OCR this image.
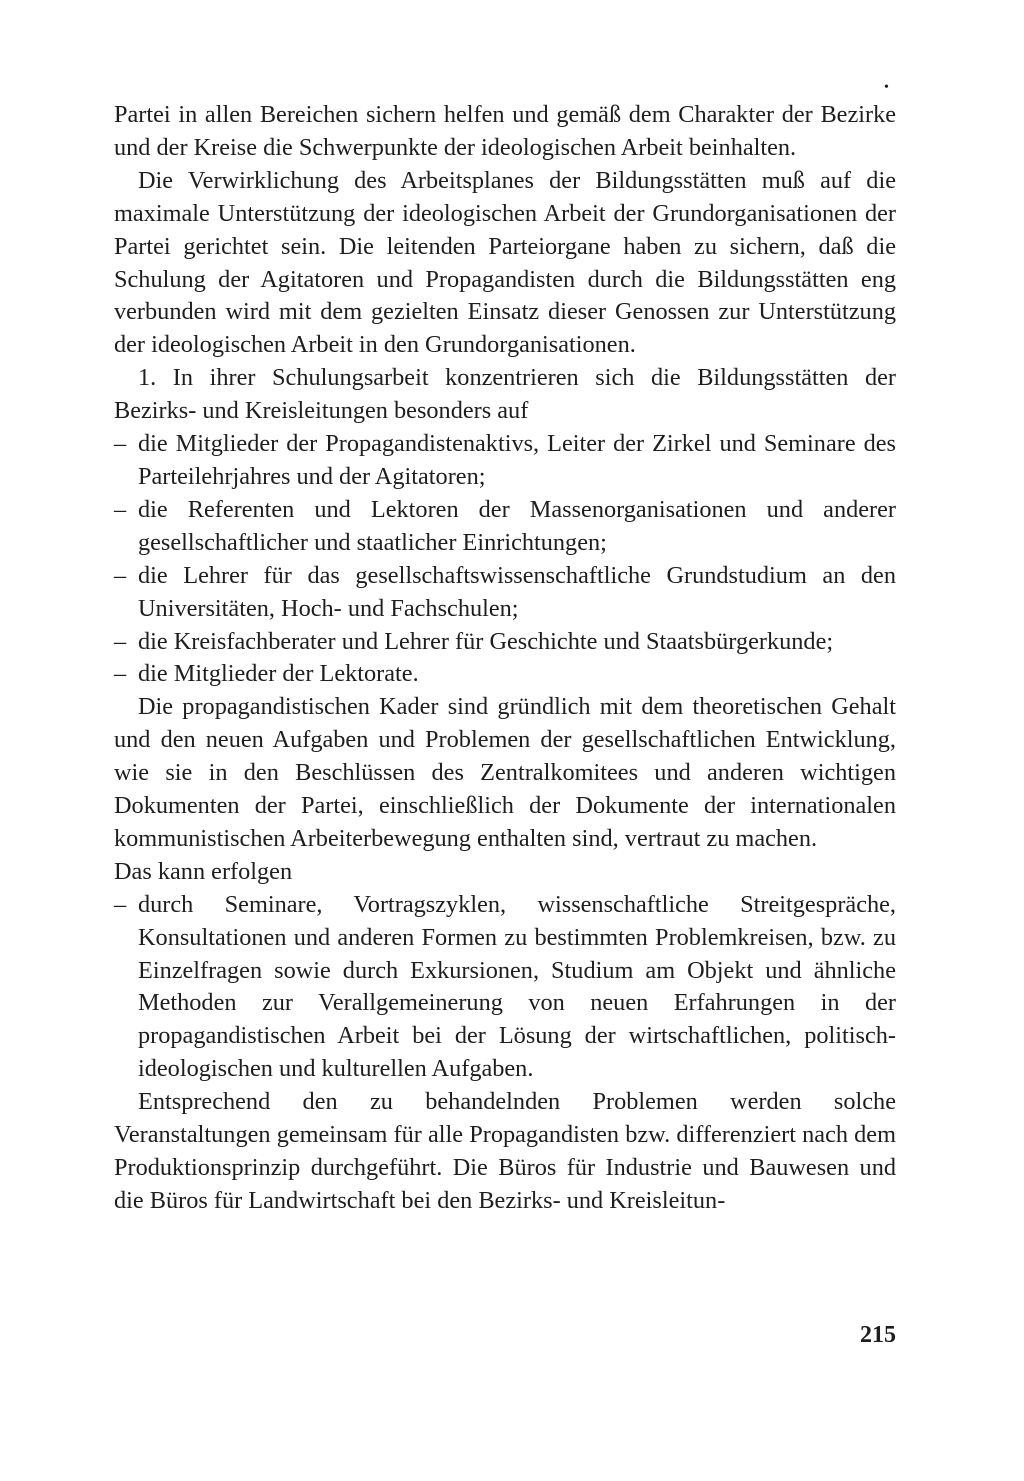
•

Partei in allen Bereichen sichern helfen und gemäß dem Charakter der Bezirke und der Kreise die Schwerpunkte der ideologischen Arbeit beinhalten.

Die Verwirklichung des Arbeitsplanes der Bildungsstätten muß auf die maximale Unterstützung der ideologischen Arbeit der Grundorganisationen der Partei gerichtet sein. Die leitenden Parteiorgane haben zu sichern, daß die Schulung der Agitatoren und Propagandisten durch die Bildungsstätten eng verbunden wird mit dem gezielten Einsatz dieser Genossen zur Unterstützung der ideologischen Arbeit in den Grundorganisationen.

1. In ihrer Schulungsarbeit konzentrieren sich die Bildungsstätten der Bezirks- und Kreisleitungen besonders auf

– die Mitglieder der Propagandistenaktivs, Leiter der Zirkel und Seminare des Parteilehrjahres und der Agitatoren;

– die Referenten und Lektoren der Massenorganisationen und anderer gesellschaftlicher und staatlicher Einrichtungen;

– die Lehrer für das gesellschaftswissenschaftliche Grundstudium an den Universitäten, Hoch- und Fachschulen;

– die Kreisfachberater und Lehrer für Geschichte und Staatsbürgerkunde;

– die Mitglieder der Lektorate.

Die propagandistischen Kader sind gründlich mit dem theoretischen Gehalt und den neuen Aufgaben und Problemen der gesellschaftlichen Entwicklung, wie sie in den Beschlüssen des Zentralkomitees und anderen wichtigen Dokumenten der Partei, einschließlich der Dokumente der internationalen kommunistischen Arbeiterbewegung enthalten sind, vertraut zu machen.

Das kann erfolgen

– durch Seminare, Vortragszyklen, wissenschaftliche Streitgespräche, Konsultationen und anderen Formen zu bestimmten Problemkreisen, bzw. zu Einzelfragen sowie durch Exkursionen, Studium am Objekt und ähnliche Methoden zur Verallgemeinerung von neuen Erfahrungen in der propagandistischen Arbeit bei der Lösung der wirtschaftlichen, politisch-ideologischen und kulturellen Aufgaben.

Entsprechend den zu behandelnden Problemen werden solche Veranstaltungen gemeinsam für alle Propagandisten bzw. differenziert nach dem Produktionsprinzip durchgeführt. Die Büros für Industrie und Bauwesen und die Büros für Landwirtschaft bei den Bezirks- und Kreisleitun-

215
